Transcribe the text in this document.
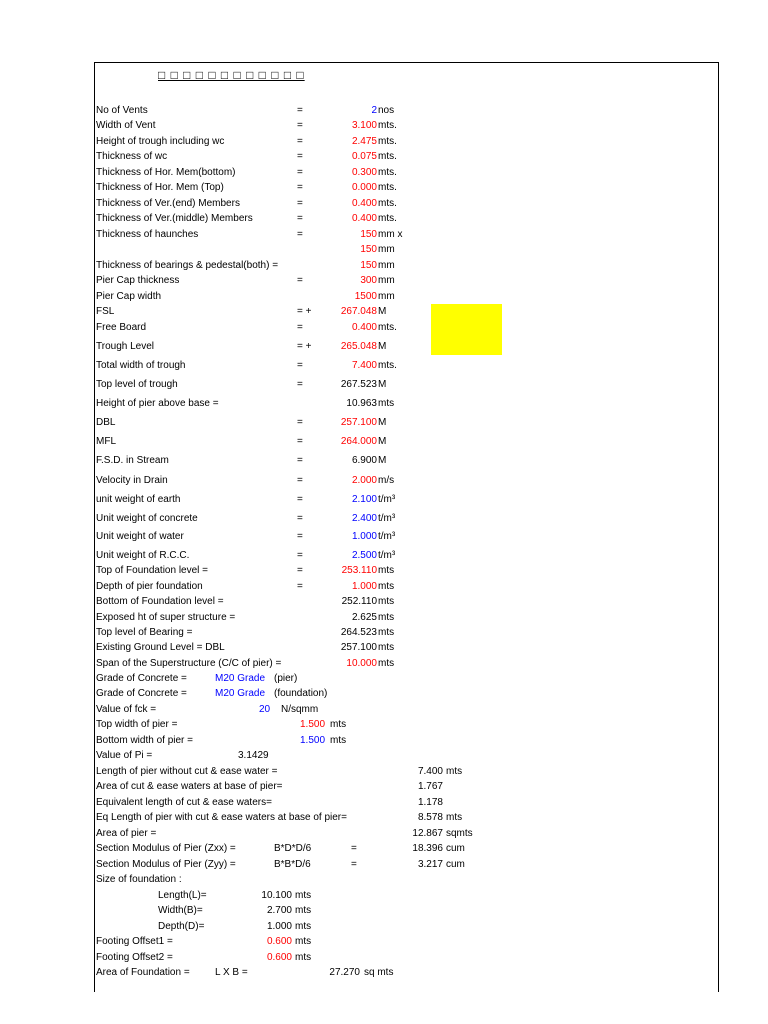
□ □ □ □ □ □ □ □ □ □ □ □
No of Vents	=	2 nos
Width of Vent	=	3.100 mts.
Height of trough including wc	=	2.475 mts.
Thickness of wc	=	0.075 mts.
Thickness of Hor. Mem(bottom)	=	0.300 mts.
Thickness of Hor. Mem (Top)	=	0.000 mts.
Thickness of Ver.(end) Members	=	0.400 mts.
Thickness of Ver.(middle) Members	=	0.400 mts.
Thickness of haunches	=	150 mm x
150 mm
Thickness of bearings & pedestal(both) =	150 mm
Pier Cap thickness	=	300 mm
Pier Cap width	1500 mm
FSL	= +	267.048 M
Free Board	=	0.400 mts.
Trough Level	= +	265.048 M
Total width of trough	=	7.400 mts.
Top level of trough	=	267.523 M
Height of pier above base =	10.963 mts
DBL	=	257.100 M
MFL	=	264.000 M
F.S.D. in Stream	=	6.900 M
Velocity in Drain	=	2.000 m/s
unit weight of earth	=	2.100 t/m³
Unit weight of concrete	=	2.400 t/m³
Unit weight of water	=	1.000 t/m³
Unit weight of R.C.C.	=	2.500 t/m³
Top of Foundation level =	=	253.110 mts
Depth of pier foundation	=	1.000 mts
Bottom of Foundation level =	252.110 mts
Exposed ht of super structure =	2.625 mts
Top level of Bearing =	264.523 mts
Existing Ground Level = DBL	257.100 mts
Span of the Superstructure (C/C of pier) =	10.000 mts
Grade of Concrete =	M20 Grade (pier)
Grade of Concrete =	M20 Grade (foundation)
Value of fck =	20 N/sqmm
Top width of pier =	1.500 mts
Bottom width of pier =	1.500 mts
Value of Pi =	3.1429
Length of pier without cut & ease water =	7.400 mts
Area of cut & ease waters at base of pier=	1.767
Equivalent length of cut & ease waters=	1.178
Eq Length of pier with cut & ease waters at base of pier=	8.578 mts
Area of pier =	12.867 sqmts
Section Modulus of Pier (Zxx) =	B*D*D/6	=	18.396 cum
Section Modulus of Pier (Zyy) =	B*B*D/6	=	3.217 cum
Size of foundation :
Length(L)=	10.100 mts
Width(B)=	2.700 mts
Depth(D)=	1.000 mts
Footing Offset1 =	0.600 mts
Footing Offset2 =	0.600 mts
Area of Foundation =	L X B =	27.270 sq mts
